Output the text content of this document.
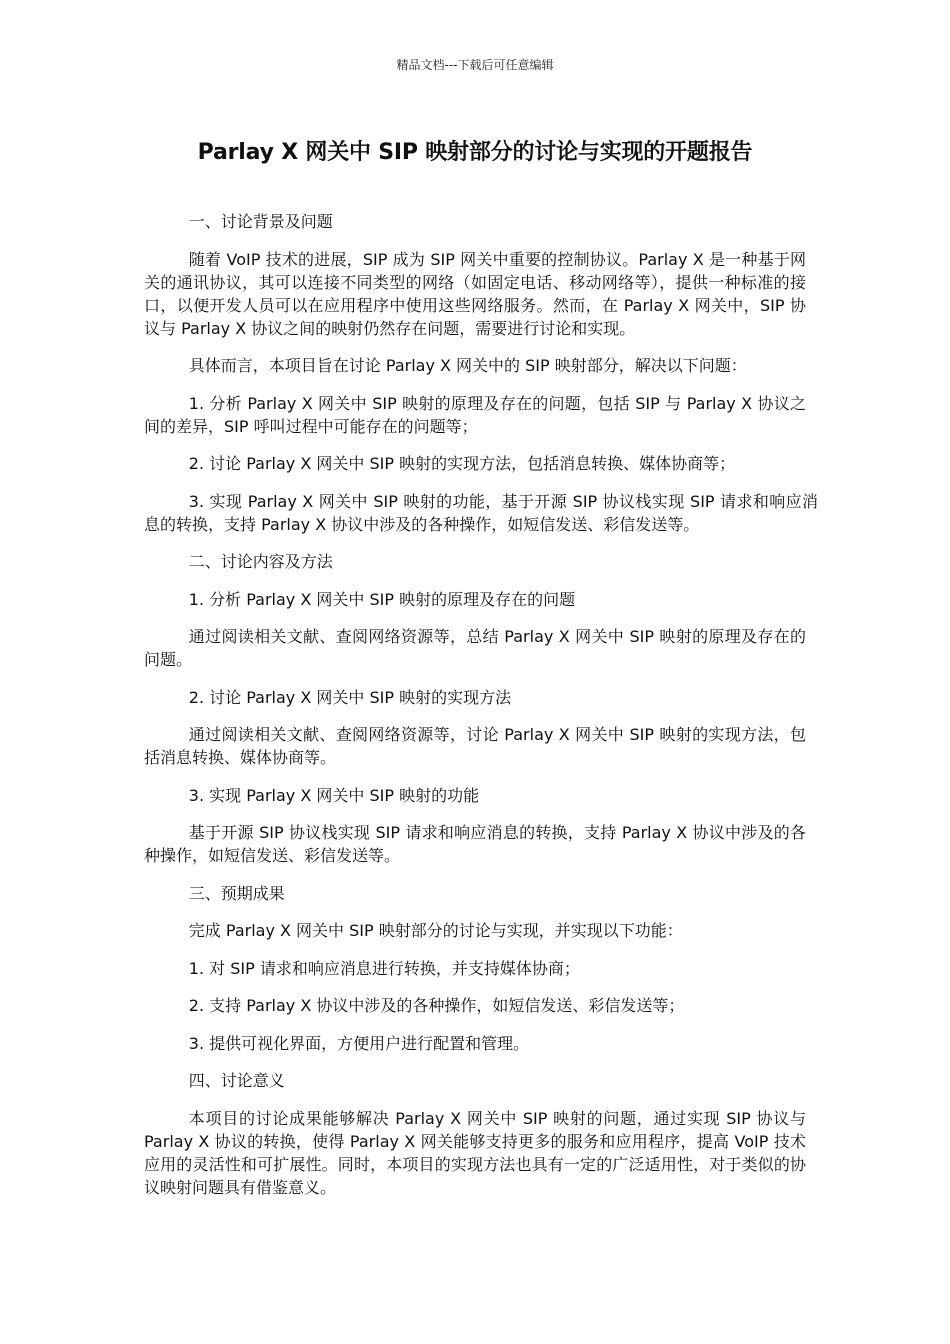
精品文档---下载后可任意编辑
Parlay X 网关中 SIP 映射部分的讨论与实现的开题报告

一、讨论背景及问题

随着 VoIP 技术的进展，SIP 成为 SIP 网关中重要的控制协议。Parlay X 是一种基于网关的通讯协议，其可以连接不同类型的网络（如固定电话、移动网络等），提供一种标准的接口，以便开发人员可以在应用程序中使用这些网络服务。然而，在 Parlay X 网关中，SIP 协议与 Parlay X 协议之间的映射仍然存在问题，需要进行讨论和实现。

具体而言，本项目旨在讨论 Parlay X 网关中的 SIP 映射部分，解决以下问题：

1. 分析 Parlay X 网关中 SIP 映射的原理及存在的问题，包括 SIP 与 Parlay X 协议之间的差异，SIP 呼叫过程中可能存在的问题等；

2. 讨论 Parlay X 网关中 SIP 映射的实现方法，包括消息转换、媒体协商等；

3. 实现 Parlay X 网关中 SIP 映射的功能，基于开源 SIP 协议栈实现 SIP 请求和响应消息的转换，支持 Parlay X 协议中涉及的各种操作，如短信发送、彩信发送等。

二、讨论内容及方法

1. 分析 Parlay X 网关中 SIP 映射的原理及存在的问题

通过阅读相关文献、查阅网络资源等，总结 Parlay X 网关中 SIP 映射的原理及存在的问题。

2. 讨论 Parlay X 网关中 SIP 映射的实现方法

通过阅读相关文献、查阅网络资源等，讨论 Parlay X 网关中 SIP 映射的实现方法，包括消息转换、媒体协商等。

3. 实现 Parlay X 网关中 SIP 映射的功能

基于开源 SIP 协议栈实现 SIP 请求和响应消息的转换，支持 Parlay X 协议中涉及的各种操作，如短信发送、彩信发送等。

三、预期成果

完成 Parlay X 网关中 SIP 映射部分的讨论与实现，并实现以下功能：

1. 对 SIP 请求和响应消息进行转换，并支持媒体协商；

2. 支持 Parlay X 协议中涉及的各种操作，如短信发送、彩信发送等；

3. 提供可视化界面，方便用户进行配置和管理。

四、讨论意义

本项目的讨论成果能够解决 Parlay X 网关中 SIP 映射的问题，通过实现 SIP 协议与 Parlay X 协议的转换，使得 Parlay X 网关能够支持更多的服务和应用程序，提高 VoIP 技术应用的灵活性和可扩展性。同时，本项目的实现方法也具有一定的广泛适用性，对于类似的协议映射问题具有借鉴意义。
